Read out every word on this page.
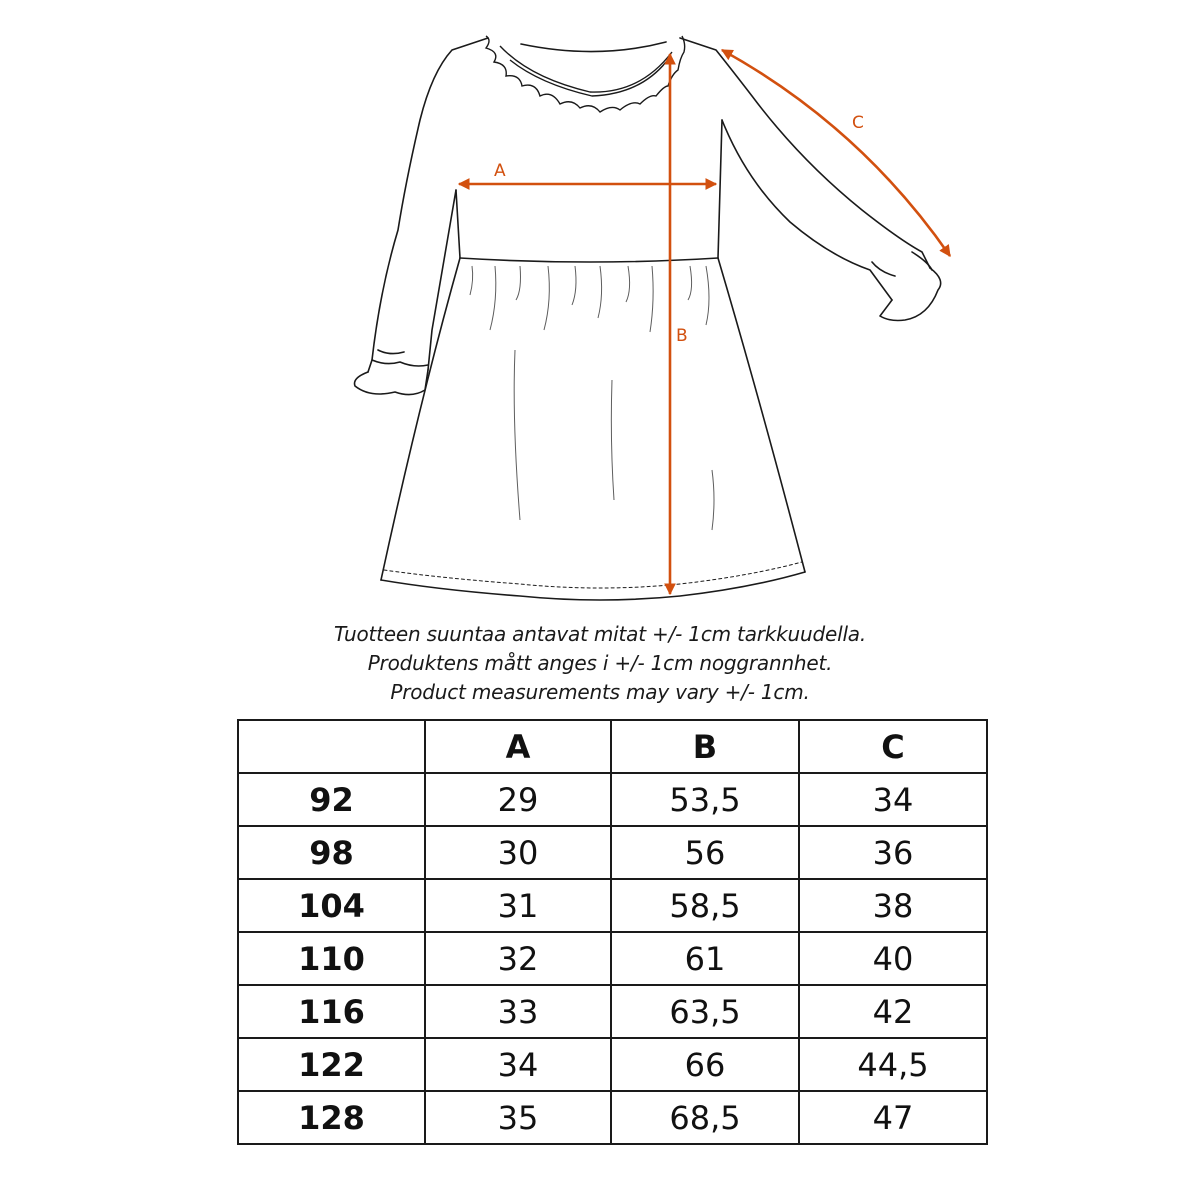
A
B
C
Tuotteen suuntaa antavat mitat +/- 1cm tarkkuudella.
Produktens mått anges i +/- 1cm noggrannhet.
Product measurements may vary +/- 1cm.
	A	B	C
92	29	53,5	34
98	30	56	36
104	31	58,5	38
110	32	61	40
116	33	63,5	42
122	34	66	44,5
128	35	68,5	47
